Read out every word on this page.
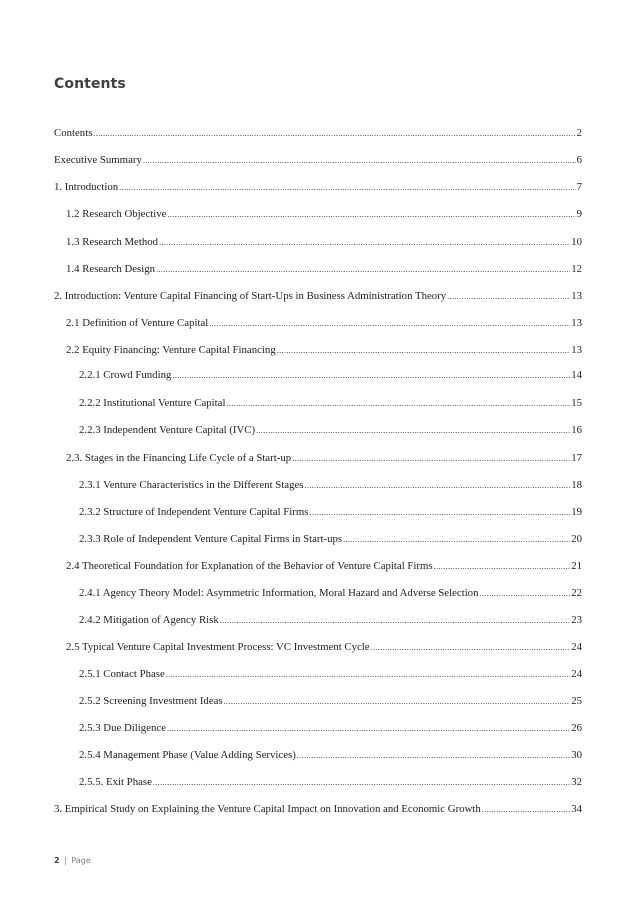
Contents
Contents .....	2
Executive Summary .....	6
1. Introduction .....	7
1.2 Research Objective .....	9
1.3 Research Method .....	10
1.4 Research Design .....	12
2. Introduction: Venture Capital Financing of Start-Ups in Business Administration Theory .....	13
2.1 Definition of Venture Capital .....	13
2.2 Equity Financing: Venture Capital Financing .....	13
2.2.1 Crowd Funding .....	14
2.2.2 Institutional Venture Capital .....	15
2.2.3 Independent Venture Capital (IVC) .....	16
2.3. Stages in the Financing Life Cycle of a Start-up .....	17
2.3.1 Venture Characteristics in the Different Stages .....	18
2.3.2 Structure of Independent Venture Capital Firms .....	19
2.3.3 Role of Independent Venture Capital Firms in Start-ups .....	20
2.4 Theoretical Foundation for Explanation of the Behavior of Venture Capital Firms .....	21
2.4.1 Agency Theory Model: Asymmetric Information, Moral Hazard and Adverse Selection .....	22
2.4.2 Mitigation of Agency Risk .....	23
2.5 Typical Venture Capital Investment Process: VC Investment Cycle .....	24
2.5.1 Contact Phase .....	24
2.5.2 Screening Investment Ideas .....	25
2.5.3 Due Diligence .....	26
2.5.4 Management Phase (Value Adding Services) .....	30
2.5.5. Exit Phase .....	32
3. Empirical Study on Explaining the Venture Capital Impact on Innovation and Economic Growth .....	34
2 | Page
